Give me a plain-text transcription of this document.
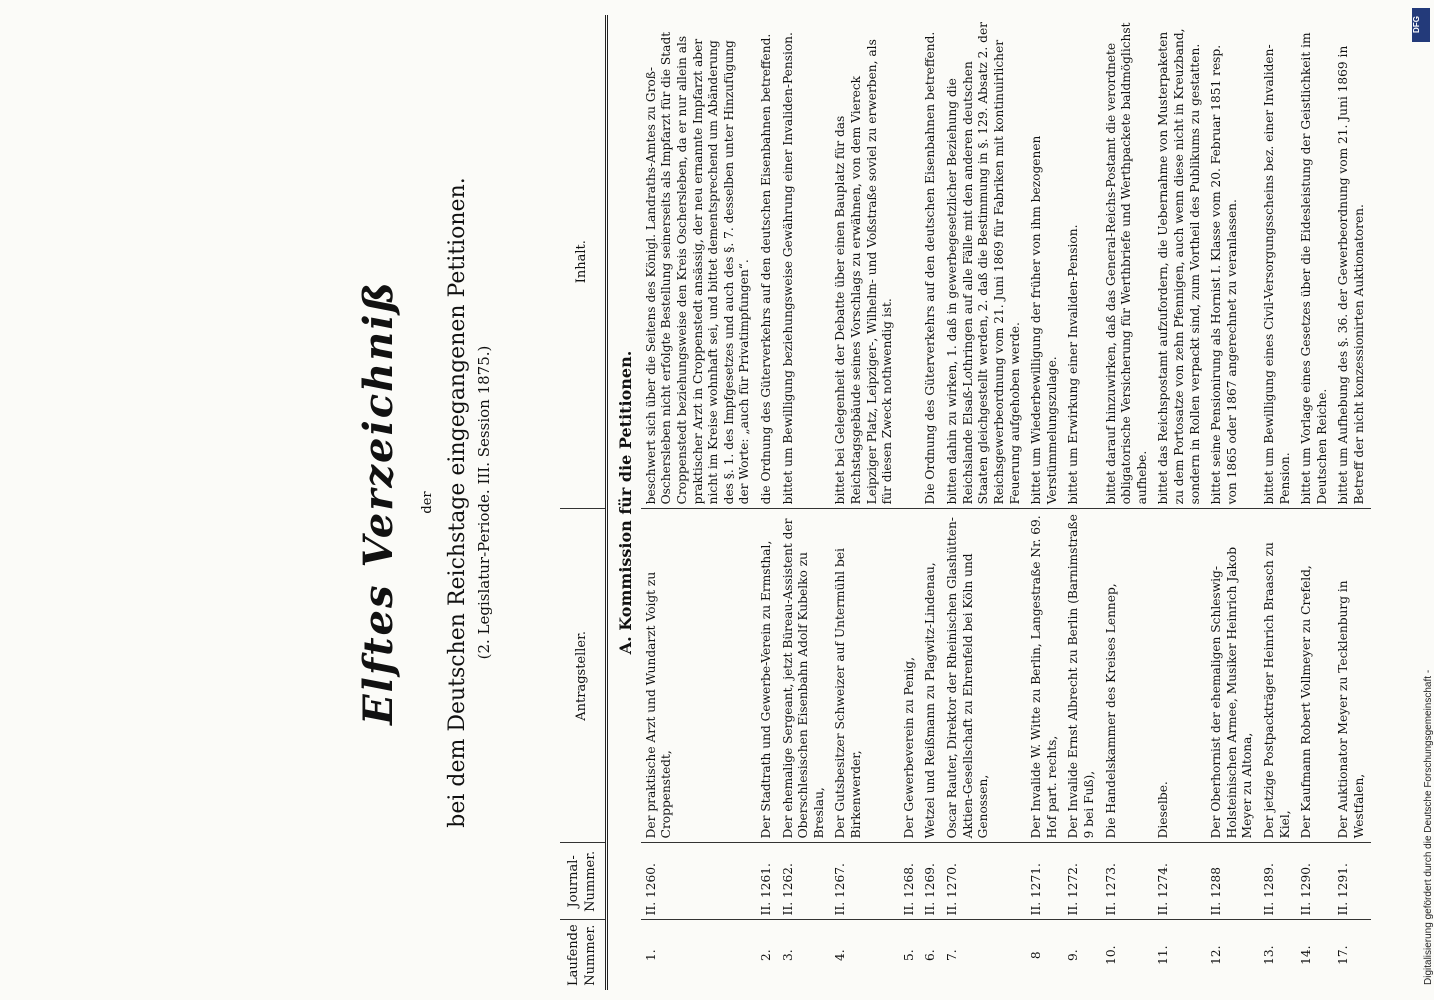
Elftes Verzeichniß der bei dem Deutschen Reichstage eingegangenen Petitionen. (2. Legislatur-Periode. III. Session 1875.)
Laufende Nummer.	Journal-Nummer.	Antragsteller.	Inhalt.
A. Kommission für die Petitionen.			
1.	II. 1260.	Der praktische Arzt und Wundarzt Voigt zu Croppenstedt,	beschwert sich über die Seitens des Königl. Landraths-Amtes zu Groß-Oschersleben nicht erfolgte Bestellung seinerseits als Impfarzt für die Stadt Croppenstedt beziehungsweise den Kreis Oschersleben, da er nur allein als praktischer Arzt in Croppenstedt ansässig, der neu ernannte Impfarzt aber nicht im Kreise wohnhaft sei, und bittet dementsprechend um Abänderung des §. 1. des Impfgesetzes und auch des §. 7. desselben unter Hinzufügung der Worte: „auch für Privatimpfungen“.
2.	II. 1261.	Der Stadtrath und Gewerbe-Verein zu Ermsthal,	die Ordnung des Güterverkehrs auf den deutschen Eisenbahnen betreffend.
3.	II. 1262.	Der ehemalige Sergeant, jetzt Büreau-Assistent der Oberschlesischen Eisenbahn Adolf Kubelko zu Breslau,	bittet um Bewilligung beziehungsweise Gewährung einer Invaliden-Pension.
4.	II. 1267.	Der Gutsbesitzer Schweizer auf Untermühl bei Birkenwerder,	bittet bei Gelegenheit der Debatte über einen Bauplatz für das Reichstagsgebäude seines Vorschlags zu erwähnen, von dem Viereck Leipziger Platz, Leipziger-, Wilhelm- und Voßstraße soviel zu erwerben, als für diesen Zweck nothwendig ist.
5.	II. 1268.	Der Gewerbeverein zu Penig,	
6.	II. 1269.	Wetzel und Reißmann zu Plagwitz-Lindenau,	Die Ordnung des Güterverkehrs auf den deutschen Eisenbahnen betreffend.
7.	II. 1270.	Oscar Rauter, Direktor der Rheinischen Glashütten-Aktien-Gesellschaft zu Ehrenfeld bei Köln und Genossen,	bitten dahin zu wirken, 1. daß in gewerbegesetzlicher Beziehung die Reichslande Elsaß-Lothringen auf alle Fälle mit den anderen deutschen Staaten gleichgestellt werden, 2. daß die Bestimmung in §. 129. Absatz 2. der Reichsgewerbeordnung vom 21. Juni 1869 für Fabriken mit kontinuirlicher Feuerung aufgehoben werde.
8	II. 1271.	Der Invalide W. Witte zu Berlin, Langestraße Nr. 69. Hof part. rechts,	bittet um Wiederbewilligung der früher von ihm bezogenen Verstümmelungszulage.
9.	II. 1272.	Der Invalide Ernst Albrecht zu Berlin (Barnimstraße 9 bei Fuß),	bittet um Erwirkung einer Invaliden-Pension.
10.	II. 1273.	Die Handelskammer des Kreises Lennep,	bittet darauf hinzuwirken, daß das General-Reichs-Postamt die verordnete obligatorische Versicherung für Werthbriefe und Werthpackete baldmöglichst aufhebe.
11.	II. 1274.	Dieselbe.	bittet das Reichspostamt aufzufordern, die Uebernahme von Musterpaketen zu dem Portosatze von zehn Pfennigen, auch wenn diese nicht in Kreuzband, sondern in Rollen verpackt sind, zum Vortheil des Publikums zu gestatten.
12.	II. 1288	Der Oberhornist der ehemaligen Schleswig-Holsteinischen Armee, Musiker Heinrich Jakob Meyer zu Altona,	bittet seine Pensionirung als Hornist I. Klasse vom 20. Februar 1851 resp. von 1865 oder 1867 angerechnet zu veranlassen.
13.	II. 1289.	Der jetzige Postpackträger Heinrich Braasch zu Kiel,	bittet um Bewilligung eines Civil-Versorgungsscheins bez. einer Invaliden-Pension.
14.	II. 1290.	Der Kaufmann Robert Vollmeyer zu Crefeld,	bittet um Vorlage eines Gesetzes über die Eidesleistung der Geistlichkeit im Deutschen Reiche.
17.	II. 1291.	Der Auktionator Meyer zu Tecklenburg in Westfalen,	bittet um Aufhebung des §. 36. der Gewerbeordnung vom 21. Juni 1869 in Betreff der nicht konzessionirten Auktionatoren.
DFG
Digitalisierung gefördert durch die Deutsche Forschungsgemeinschaft -
